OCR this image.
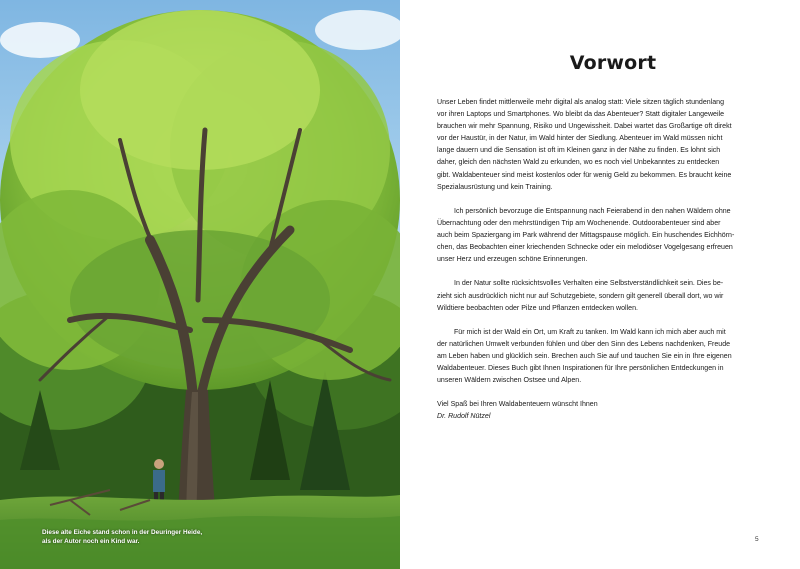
Diese alte Eiche stand schon in der Deuringer Heide,
als der Autor noch ein Kind war.
Vorwort
Unser Leben findet mittlerweile mehr digital als analog statt: Viele sitzen täglich stundenlang
vor ihren Laptops und Smartphones. Wo bleibt da das Abenteuer? Statt digitaler Langeweile
brauchen wir mehr Spannung, Risiko und Ungewissheit. Dabei wartet das Großartige oft direkt
vor der Haustür, in der Natur, im Wald hinter der Siedlung. Abenteuer im Wald müssen nicht
lange dauern und die Sensation ist oft im Kleinen ganz in der Nähe zu finden. Es lohnt sich
daher, gleich den nächsten Wald zu erkunden, wo es noch viel Unbekanntes zu entdecken
gibt. Waldabenteuer sind meist kostenlos oder für wenig Geld zu bekommen. Es braucht keine
Spezialausrüstung und kein Training.
Ich persönlich bevorzuge die Entspannung nach Feierabend in den nahen Wäldern ohne
Übernachtung oder den mehrstündigen Trip am Wochenende. Outdoorabenteuer sind aber
auch beim Spaziergang im Park während der Mittagspause möglich. Ein huschendes Eichhörn-
chen, das Beobachten einer kriechenden Schnecke oder ein melodiöser Vogelgesang erfreuen
unser Herz und erzeugen schöne Erinnerungen.
In der Natur sollte rücksichtsvolles Verhalten eine Selbstverständlichkeit sein. Dies be-
zieht sich ausdrücklich nicht nur auf Schutzgebiete, sondern gilt generell überall dort, wo wir
Wildtiere beobachten oder Pilze und Pflanzen entdecken wollen.
Für mich ist der Wald ein Ort, um Kraft zu tanken. Im Wald kann ich mich aber auch mit
der natürlichen Umwelt verbunden fühlen und über den Sinn des Lebens nachdenken, Freude
am Leben haben und glücklich sein. Brechen auch Sie auf und tauchen Sie ein in Ihre eigenen
Waldabenteuer. Dieses Buch gibt Ihnen Inspirationen für Ihre persönlichen Entdeckungen in
unseren Wäldern zwischen Ostsee und Alpen.
Viel Spaß bei Ihren Waldabenteuern wünscht Ihnen
Dr. Rudolf Nützel
5
